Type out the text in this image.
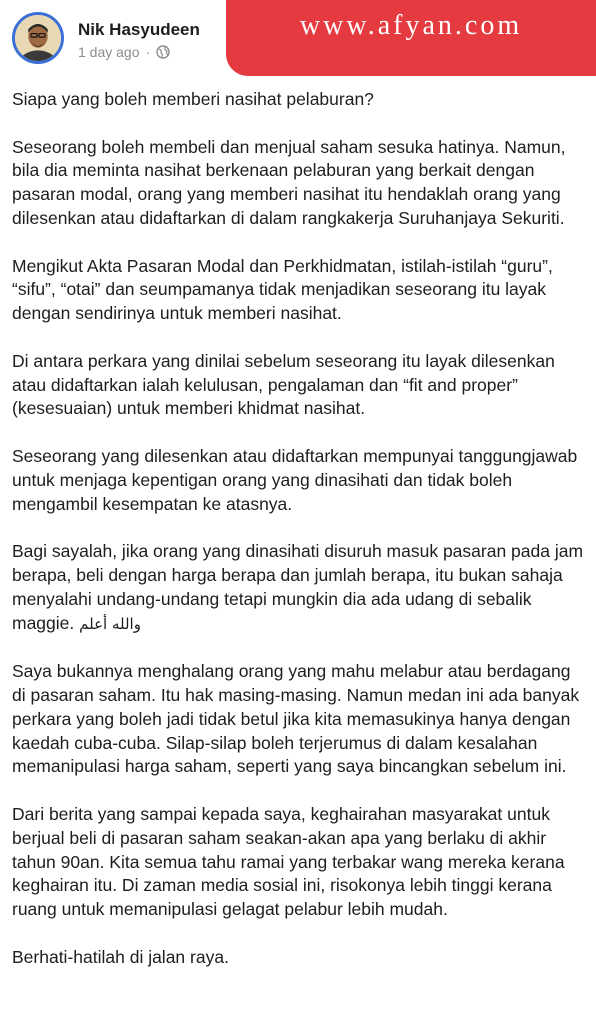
Nik Hasyudeen
1 day ago ·
www.afyan.com

Siapa yang boleh memberi nasihat pelaburan?

Seseorang boleh membeli dan menjual saham sesuka hatinya. Namun, bila dia meminta nasihat berkenaan pelaburan yang berkait dengan pasaran modal, orang yang memberi nasihat itu hendaklah orang yang dilesenkan atau didaftarkan di dalam rangkakerja Suruhanjaya Sekuriti.

Mengikut Akta Pasaran Modal dan Perkhidmatan, istilah-istilah “guru”, “sifu”, “otai” dan seumpamanya tidak menjadikan seseorang itu layak dengan sendirinya untuk memberi nasihat.

Di antara perkara yang dinilai sebelum seseorang itu layak dilesenkan atau didaftarkan ialah kelulusan, pengalaman dan “fit and proper” (kesesuaian) untuk memberi khidmat nasihat.

Seseorang yang dilesenkan atau didaftarkan mempunyai tanggungjawab untuk menjaga kepentigan orang yang dinasihati dan tidak boleh mengambil kesempatan ke atasnya.

Bagi sayalah, jika orang yang dinasihati disuruh masuk pasaran pada jam berapa, beli dengan harga berapa dan jumlah berapa, itu bukan sahaja menyalahi undang-undang tetapi mungkin dia ada udang di sebalik maggie. والله أعلم

Saya bukannya menghalang orang yang mahu melabur atau berdagang di pasaran saham. Itu hak masing-masing. Namun medan ini ada banyak perkara yang boleh jadi tidak betul jika kita memasukinya hanya dengan kaedah cuba-cuba. Silap-silap boleh terjerumus di dalam kesalahan memanipulasi harga saham, seperti yang saya bincangkan sebelum ini.

Dari berita yang sampai kepada saya, keghairahan masyarakat untuk berjual beli di pasaran saham seakan-akan apa yang berlaku di akhir tahun 90an. Kita semua tahu ramai yang terbakar wang mereka kerana keghairan itu. Di zaman media sosial ini, risokonya lebih tinggi kerana ruang untuk memanipulasi gelagat pelabur lebih mudah.

Berhati-hatilah di jalan raya.
